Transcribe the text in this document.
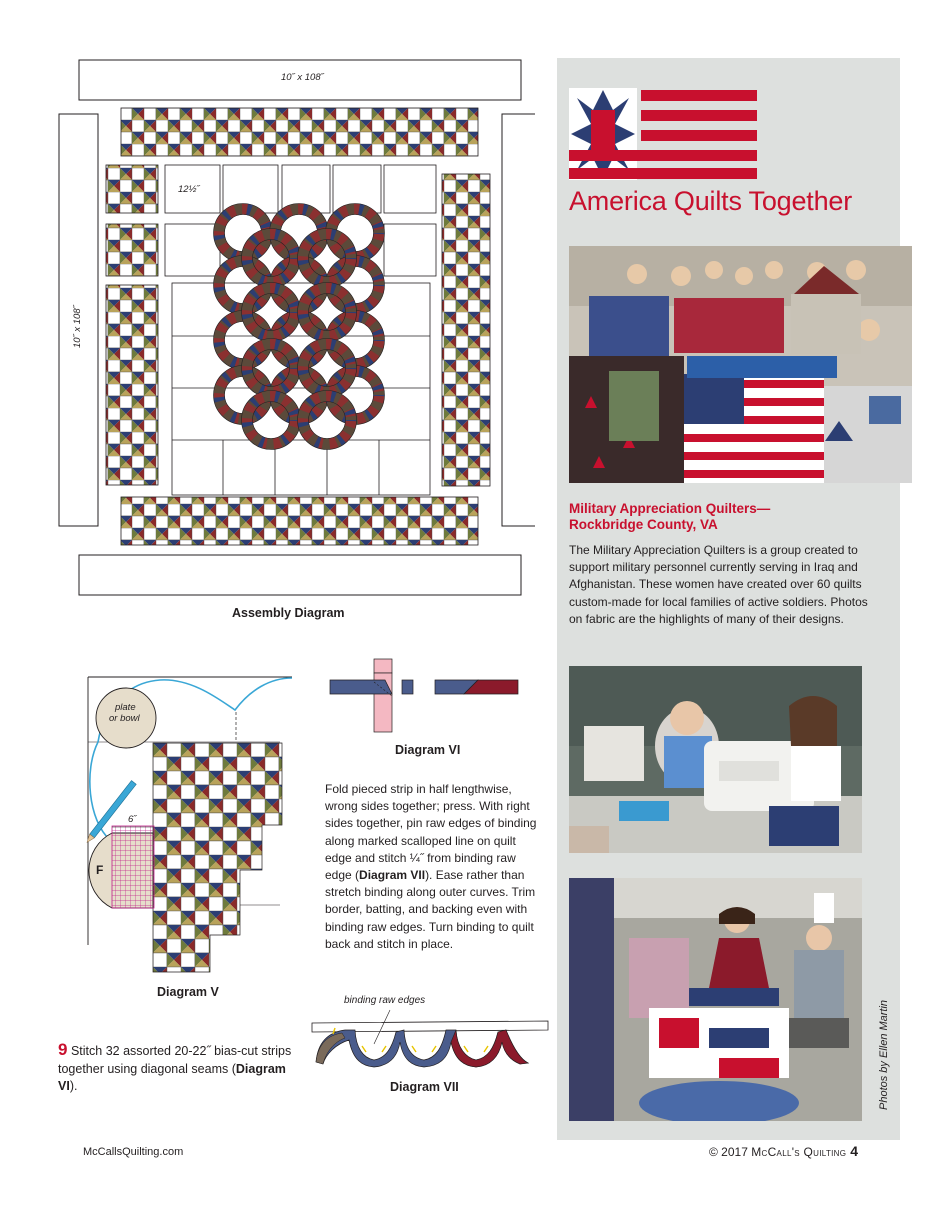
10˝ x 108˝
12½˝
10˝ x 108˝
Assembly Diagram
plate
or bowl
6˝
F
Diagram V
Diagram VI
Fold pieced strip in half lengthwise, wrong sides together; press. With right sides together, pin raw edges of binding along marked scalloped line on quilt edge and stitch ¼˝ from binding raw edge (Diagram VII). Ease rather than stretch binding along outer curves. Trim border, batting, and backing even with binding raw edges. Turn binding to quilt back and stitch in place.
binding raw edges
Diagram VII
9 Stitch 32 assorted 20-22˝ bias-cut strips together using diagonal seams (Diagram VI).
America Quilts Together
Military Appreciation Quilters—
Rockbridge County, VA
The Military Appreciation Quilters is a group created to support military personnel currently serving in Iraq and Afghanistan. These women have created over 60 quilts custom-made for local families of active soldiers. Photos on fabric are the highlights of many of their designs.
Photos by Ellen Martin
McCallsQuilting.com	© 2017 McCall's Quilting 4
